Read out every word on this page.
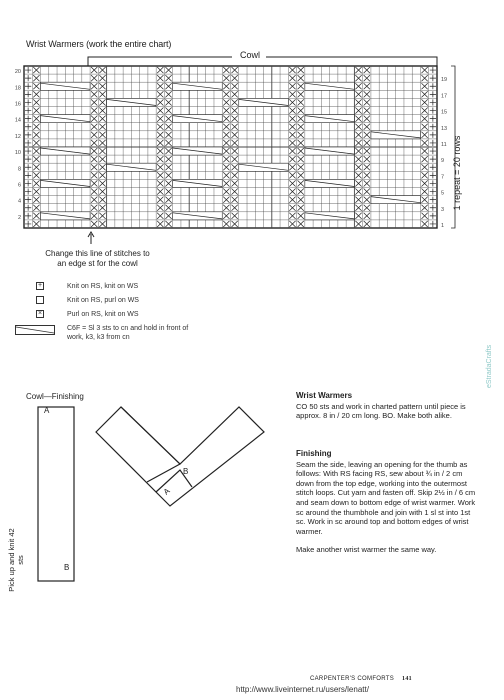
Wrist Warmers (work the entire chart)
Cowl
20
19
18
17
16
15
14
13
12
11
10
9
8
7
6
5
4
3
2
1
1 repeat = 20 rows
Change this line of stitches to an edge st for the cowl
+	Knit on RS, knit on WS
Knit on RS, purl on WS
×	Purl on RS, knit on WS
C6F = Sl 3 sts to cn and hold in front of work, k3, k3 from cn
Cowl—Finishing
A
B
B
A
Pick up and knit 42 sts
Wrist Warmers

CO 50 sts and work in charted pattern until piece is approx. 8 in / 20 cm long. BO. Make both alike.

Finishing

Seam the side, leaving an opening for the thumb as follows: With RS facing RS, sew about ¾ in / 2 cm down from the top edge, working into the outermost stitch loops. Cut yarn and fasten off. Skip 2½ in / 6 cm and seam down to bottom edge of wrist warmer. Work sc around the thumbhole and join with 1 sl st into 1st sc. Work in sc around top and bottom edges of wrist warmer.

Make another wrist warmer the same way.

CARPENTER'S COMFORTS 141
http://www.liveinternet.ru/users/lenatt/
eStradaCrafts
